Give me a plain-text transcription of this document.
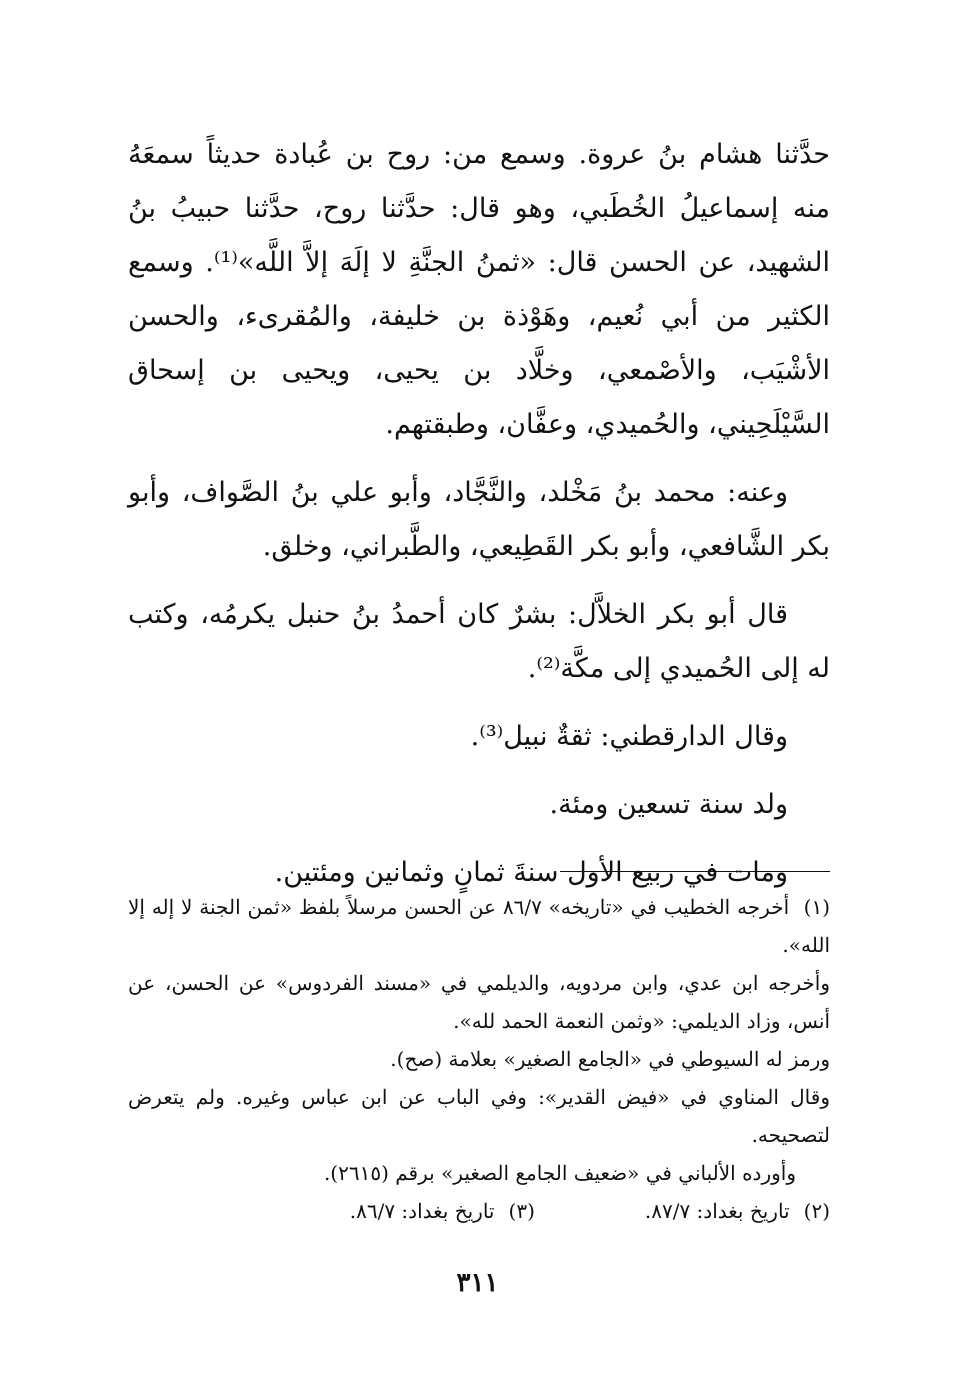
حدَّثنا هشام بنُ عروة. وسمع من: روح بن عُبادة حديثاً سمعَهُ منه إسماعيلُ الخُطَبي، وهو قال: حدَّثنا روح، حدَّثنا حبيبُ بنُ الشهيد، عن الحسن قال: «ثمنُ الجنَّةِ لا إلَهَ إلاَّ اللَّه»⁽¹⁾. وسمع الكثير من أبي نُعيم، وهَوْذة بن خليفة، والمُقرىء، والحسن الأشْيَب، والأصْمعي، وخلَّاد بن يحيى، ويحيى بن إسحاق السَّيْلَحِيني، والحُميدي، وعفَّان، وطبقتهم.

وعنه: محمد بنُ مَخْلد، والنَّجَّاد، وأبو علي بنُ الصَّواف، وأبو بكر الشَّافعي، وأبو بكر القَطِيعي، والطَّبراني، وخلق.

قال أبو بكر الخلاَّل: بشرٌ كان أحمدُ بنُ حنبل يكرمُه، وكتب له إلى الحُميدي إلى مكَّة⁽²⁾.

وقال الدارقطني: ثقةٌ نبيل⁽³⁾.

ولد سنة تسعين ومئة.

ومات في ربيع الأول سنةَ ثمانٍ وثمانين ومئتين.

(١) أخرجه الخطيب في «تاريخه» ٨٦/٧ عن الحسن مرسلاً بلفظ «ثمن الجنة لا إله إلا الله».

وأخرجه ابن عدي، وابن مردويه، والديلمي في «مسند الفردوس» عن الحسن، عن أنس، وزاد الديلمي: «وثمن النعمة الحمد لله».

ورمز له السيوطي في «الجامع الصغير» بعلامة (صح).

وقال المناوي في «فيض القدير»: وفي الباب عن ابن عباس وغيره. ولم يتعرض لتصحيحه.

وأورده الألباني في «ضعيف الجامع الصغير» برقم (٢٦١٥).

(٢) تاريخ بغداد: ٨٧/٧.

(٣) تاريخ بغداد: ٨٦/٧.

٣١١
